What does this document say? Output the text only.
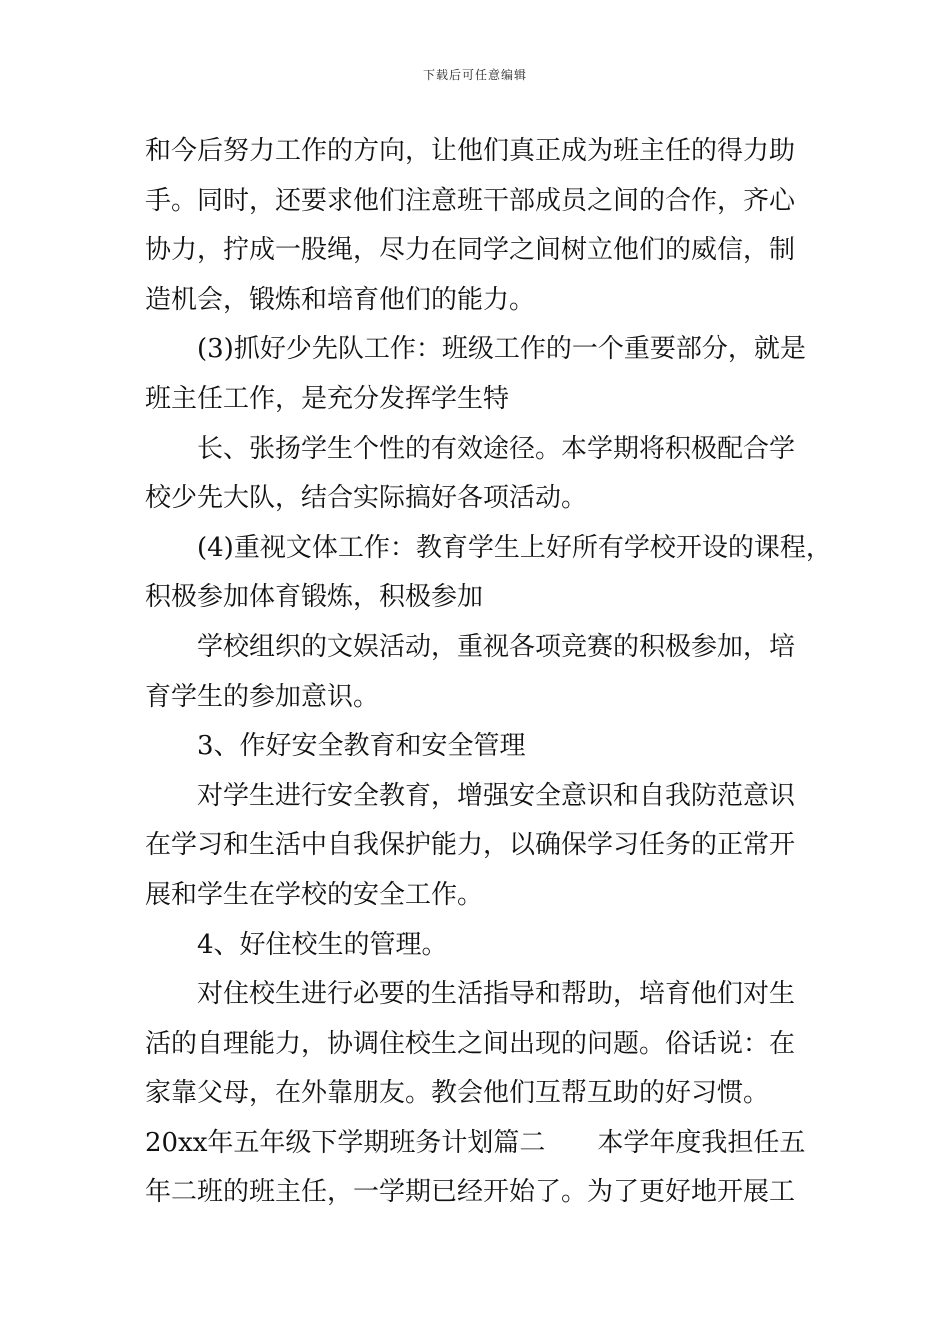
下载后可任意编辑
和今后努力工作的方向，让他们真正成为班主任的得力助
手。同时，还要求他们注意班干部成员之间的合作，齐心
协力，拧成一股绳，尽力在同学之间树立他们的威信，制
造机会，锻炼和培育他们的能力。
(3)抓好少先队工作：班级工作的一个重要部分，就是
班主任工作，是充分发挥学生特
长、张扬学生个性的有效途径。本学期将积极配合学
校少先大队，结合实际搞好各项活动。
(4)重视文体工作：教育学生上好所有学校开设的课程，
积极参加体育锻炼，积极参加
学校组织的文娱活动，重视各项竞赛的积极参加，培
育学生的参加意识。
3、作好安全教育和安全管理
对学生进行安全教育，增强安全意识和自我防范意识
在学习和生活中自我保护能力，以确保学习任务的正常开
展和学生在学校的安全工作。
4、好住校生的管理。
对住校生进行必要的生活指导和帮助，培育他们对生
活的自理能力，协调住校生之间出现的问题。俗话说：在
家靠父母，在外靠朋友。教会他们互帮互助的好习惯。
20xx年五年级下学期班务计划篇二　　本学年度我担任五
年二班的班主任，一学期已经开始了。为了更好地开展工
